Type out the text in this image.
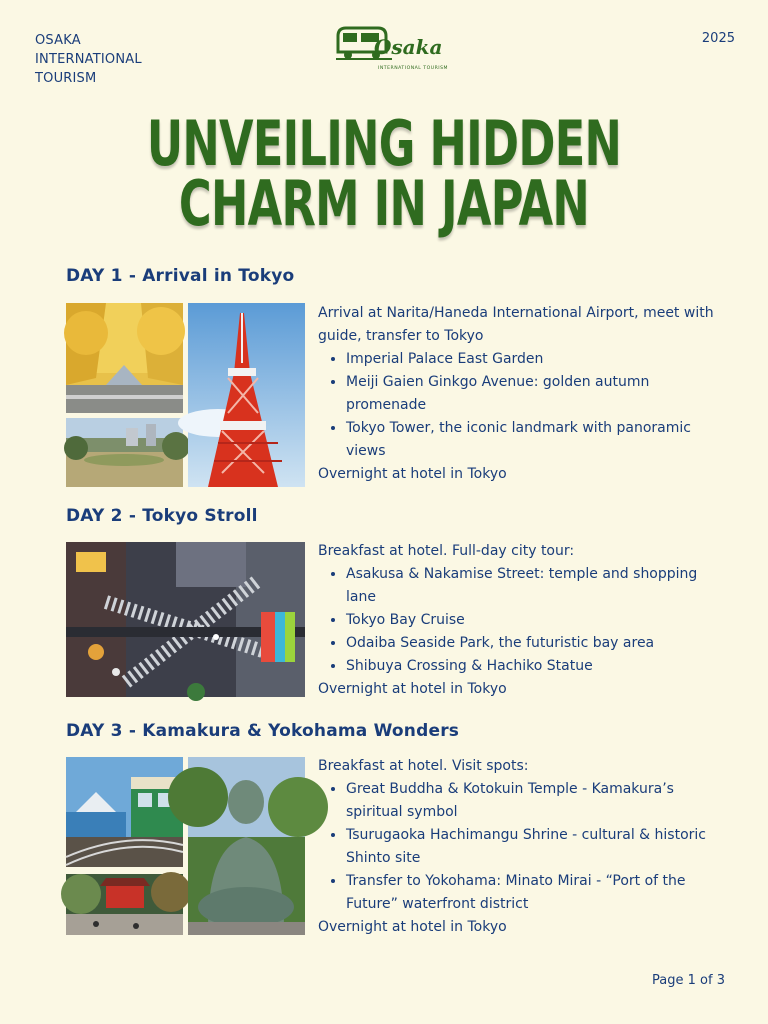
OSAKA
INTERNATIONAL
TOURISM
2025
Osaka
INTERNATIONAL TOURISM
UNVEILING HIDDEN
CHARM IN JAPAN
DAY 1 - Arrival in Tokyo

Arrival at Narita/Haneda International Airport, meet with guide, transfer to Tokyo

• Imperial Palace East Garden
• Meiji Gaien Ginkgo Avenue: golden autumn promenade
• Tokyo Tower, the iconic landmark with panoramic views

Overnight at hotel in Tokyo

DAY 2 - Tokyo Stroll

Breakfast at hotel. Full-day city tour:

• Asakusa & Nakamise Street: temple and shopping lane
• Tokyo Bay Cruise
• Odaiba Seaside Park, the futuristic bay area
• Shibuya Crossing & Hachiko Statue

Overnight at hotel in Tokyo

DAY 3 - Kamakura & Yokohama Wonders

Breakfast at hotel. Visit spots:

• Great Buddha & Kotokuin Temple - Kamakura’s spiritual symbol
• Tsurugaoka Hachimangu Shrine - cultural & historic Shinto site
• Transfer to Yokohama: Minato Mirai - “Port of the Future” waterfront district

Overnight at hotel in Tokyo

Page 1 of 3
